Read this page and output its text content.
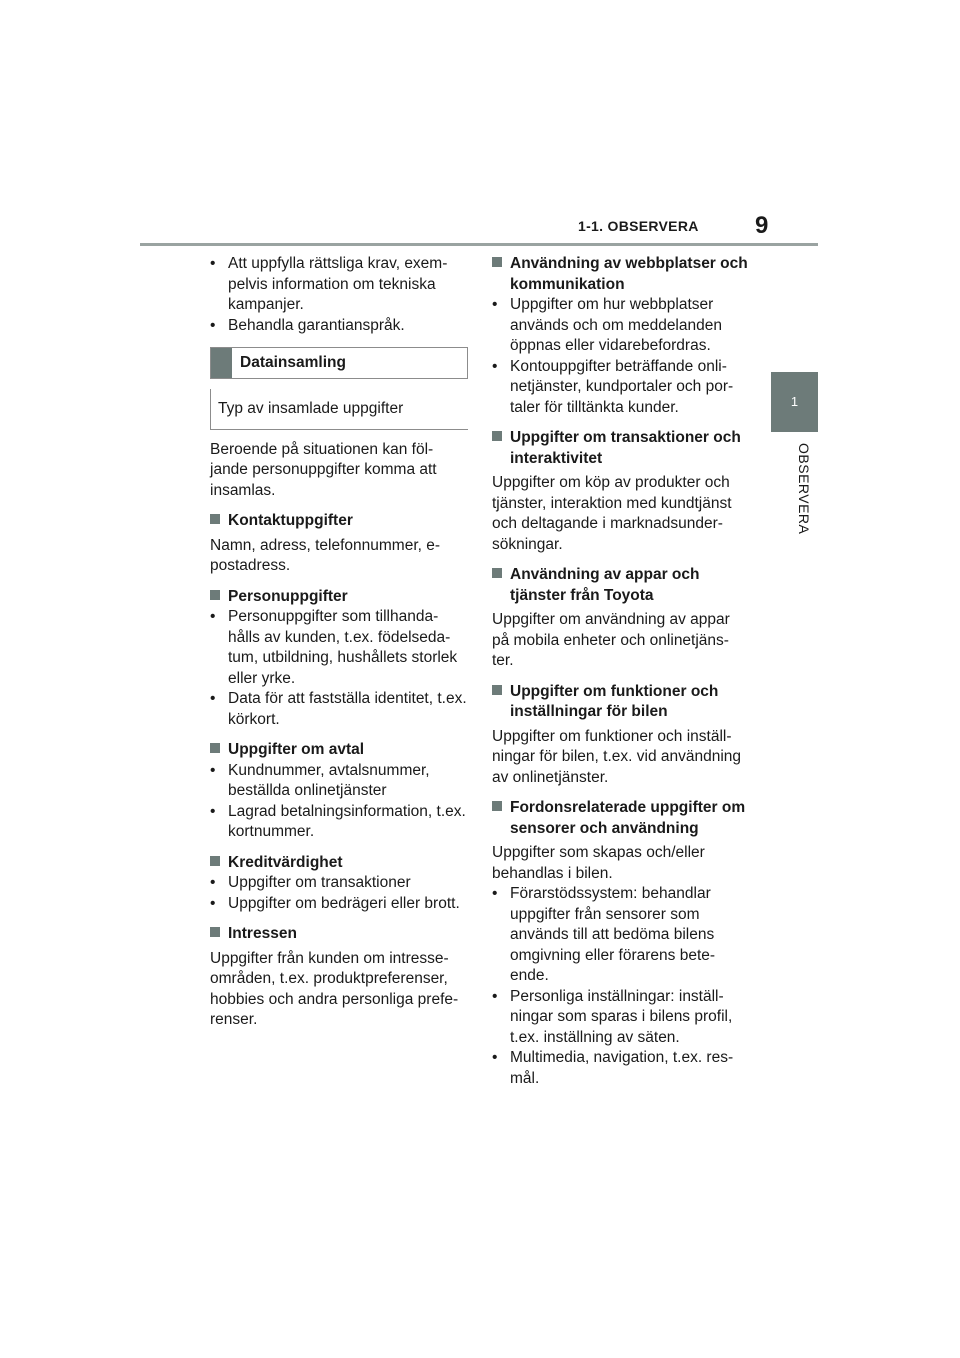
1-1. OBSERVERA 9
1
OBSERVERA

• Att uppfylla rättsliga krav, exem-pelvis information om tekniska kampanjer.

• Behandla garantianspråk.

Datainsamling
Typ av insamlade uppgifter

Beroende på situationen kan föl-jande personuppgifter komma att insamlas.

Kontaktuppgifter

Namn, adress, telefonnummer, e-postadress.

Personuppgifter

• Personuppgifter som tillhanda-hålls av kunden, t.ex. födelseda-tum, utbildning, hushållets storlek eller yrke.

• Data för att fastställa identitet, t.ex. körkort.

Uppgifter om avtal

• Kundnummer, avtalsnummer, beställda onlinetjänster

• Lagrad betalningsinformation, t.ex. kortnummer.

Kreditvärdighet

• Uppgifter om transaktioner

• Uppgifter om bedrägeri eller brott.

Intressen

Uppgifter från kunden om intresse-områden, t.ex. produktpreferenser, hobbies och andra personliga prefe-renser.

Användning av webbplatser och kommunikation

• Uppgifter om hur webbplatser används och om meddelanden öppnas eller vidarebefordras.

• Kontouppgifter beträffande onli-netjänster, kundportaler och por-taler för tilltänkta kunder.

Uppgifter om transaktioner och interaktivitet

Uppgifter om köp av produkter och tjänster, interaktion med kundtjänst och deltagande i marknadsunder-sökningar.

Användning av appar och tjänster från Toyota

Uppgifter om användning av appar på mobila enheter och onlinetjäns-ter.

Uppgifter om funktioner och inställningar för bilen

Uppgifter om funktioner och inställ-ningar för bilen, t.ex. vid användning av onlinetjänster.

Fordonsrelaterade uppgifter om sensorer och användning

Uppgifter som skapas och/eller behandlas i bilen.

• Förarstödssystem: behandlar uppgifter från sensorer som används till att bedöma bilens omgivning eller förarens bete-ende.

• Personliga inställningar: inställ-ningar som sparas i bilens profil, t.ex. inställning av säten.

• Multimedia, navigation, t.ex. res-mål.
